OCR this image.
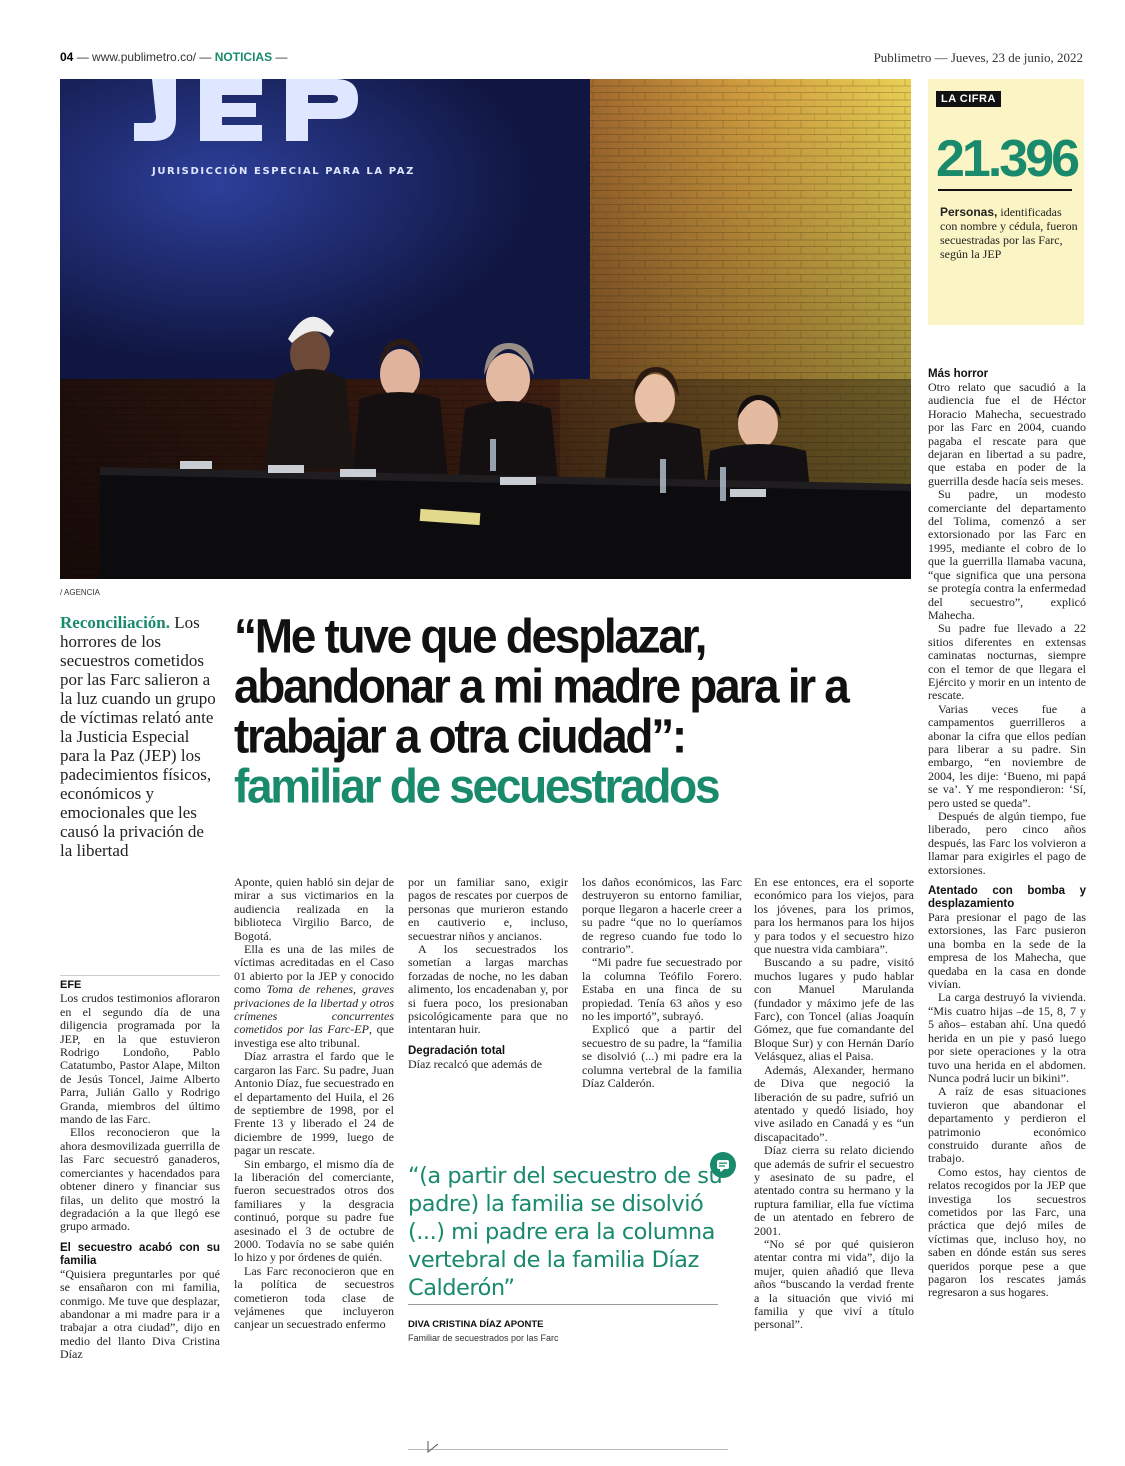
04 — www.publimetro.co/ — NOTICIAS —	Publimetro — Jueves, 23 de junio, 2022
JURISDICCIÓN ESPECIAL PARA LA PAZ
/ AGENCIA
LA CIFRA
21.396
Personas, identificadas con nombre y cédula, fueron secuestradas por las Farc, según la JEP
Reconciliación. Los horrores de los secuestros cometidos por las Farc salieron a la luz cuando un grupo de víctimas relató ante la Justicia Especial para la Paz (JEP) los padecimientos físicos, económicos y emocionales que les causó la privación de la libertad
“Me tuve que desplazar, abandonar a mi madre para ir a trabajar a otra ciudad”:
familiar de secuestrados
EFE

Los crudos testimonios afloraron en el segundo día de una diligencia programada por la JEP, en la que estuvieron Rodrigo Londoño, Pablo Catatumbo, Pastor Alape, Milton de Jesús Toncel, Jaime Alberto Parra, Julián Gallo y Rodrigo Granda, miembros del último mando de las Farc.

Ellos reconocieron que la ahora desmovilizada guerrilla de las Farc secuestró ganaderos, comerciantes y hacendados para obtener dinero y financiar sus filas, un delito que mostró la degradación a la que llegó ese grupo armado.

El secuestro acabó con su familia

“Quisiera preguntarles por qué se ensañaron con mi familia, conmigo. Me tuve que desplazar, abandonar a mi madre para ir a trabajar a otra ciudad”, dijo en medio del llanto Diva Cristina Díaz

Aponte, quien habló sin dejar de mirar a sus victimarios en la audiencia realizada en la biblioteca Virgilio Barco, de Bogotá.

Ella es una de las miles de víctimas acreditadas en el Caso 01 abierto por la JEP y conocido como Toma de rehenes, graves privaciones de la libertad y otros crímenes concurrentes cometidos por las Farc-EP, que investiga ese alto tribunal.

Díaz arrastra el fardo que le cargaron las Farc. Su padre, Juan Antonio Díaz, fue secuestrado en el departamento del Huila, el 26 de septiembre de 1998, por el Frente 13 y liberado el 24 de diciembre de 1999, luego de pagar un rescate.

Sin embargo, el mismo día de la liberación del comerciante, fueron secuestrados otros dos familiares y la desgracia continuó, porque su padre fue asesinado el 3 de octubre de 2000. Todavía no se sabe quién lo hizo y por órdenes de quién.

Las Farc reconocieron que en la política de secuestros cometieron toda clase de vejámenes que incluyeron canjear un secuestrado enfermo

por un familiar sano, exigir pagos de rescates por cuerpos de personas que murieron estando en cautiverio e, incluso, secuestrar niños y ancianos.

A los secuestrados los sometían a largas marchas forzadas de noche, no les daban alimento, los encadenaban y, por si fuera poco, los presionaban psicológicamente para que no intentaran huir.

Degradación total

Díaz recalcó que además de

los daños económicos, las Farc destruyeron su entorno familiar, porque llegaron a hacerle creer a su padre “que no lo queríamos de regreso cuando fue todo lo contrario”.

“Mi padre fue secuestrado por la columna Teófilo Forero. Estaba en una finca de su propiedad. Tenía 63 años y eso no les importó”, subrayó.

Explicó que a partir del secuestro de su padre, la “familia se disolvió (...) mi padre era la columna vertebral de la familia Díaz Calderón.

“(a partir del secuestro de su padre) la familia se disolvió (...) mi padre era la columna vertebral de la familia Díaz Calderón”
DIVA CRISTINA DÍAZ APONTE
Familiar de secuestrados por las Farc

En ese entonces, era el soporte económico para los viejos, para los jóvenes, para los primos, para los hermanos para los hijos y para todos y el secuestro hizo que nuestra vida cambiara”.

Buscando a su padre, visitó muchos lugares y pudo hablar con Manuel Marulanda (fundador y máximo jefe de las Farc), con Toncel (alias Joaquín Gómez, que fue comandante del Bloque Sur) y con Hernán Darío Velásquez, alias el Paisa.

Además, Alexander, hermano de Diva que negoció la liberación de su padre, sufrió un atentado y quedó lisiado, hoy vive asilado en Canadá y es “un discapacitado”.

Díaz cierra su relato diciendo que además de sufrir el secuestro y asesinato de su padre, el atentado contra su hermano y la ruptura familiar, ella fue víctima de un atentado en febrero de 2001.

“No sé por qué quisieron atentar contra mi vida”, dijo la mujer, quien añadió que lleva años “buscando la verdad frente a la situación que vivió mi familia y que viví a título personal”.

Más horror

Otro relato que sacudió a la audiencia fue el de Héctor Horacio Mahecha, secuestrado por las Farc en 2004, cuando pagaba el rescate para que dejaran en libertad a su padre, que estaba en poder de la guerrilla desde hacía seis meses.

Su padre, un modesto comerciante del departamento del Tolima, comenzó a ser extorsionado por las Farc en 1995, mediante el cobro de lo que la guerrilla llamaba vacuna, “que significa que una persona se protegía contra la enfermedad del secuestro”, explicó Mahecha.

Su padre fue llevado a 22 sitios diferentes en extensas caminatas nocturnas, siempre con el temor de que llegara el Ejército y morir en un intento de rescate.

Varias veces fue a campamentos guerrilleros a abonar la cifra que ellos pedían para liberar a su padre. Sin embargo, “en noviembre de 2004, les dije: ‘Bueno, mi papá se va’. Y me respondieron: ‘Sí, pero usted se queda”.

Después de algún tiempo, fue liberado, pero cinco años después, las Farc los volvieron a llamar para exigirles el pago de extorsiones.

Atentado con bomba y desplazamiento

Para presionar el pago de las extorsiones, las Farc pusieron una bomba en la sede de la empresa de los Mahecha, que quedaba en la casa en donde vivían.

La carga destruyó la vivienda. “Mis cuatro hijas –de 15, 8, 7 y 5 años– estaban ahí. Una quedó herida en un pie y pasó luego por siete operaciones y la otra tuvo una herida en el abdomen. Nunca podrá lucir un bikini”.

A raíz de esas situaciones tuvieron que abandonar el departamento y perdieron el patrimonio económico construido durante años de trabajo.

Como estos, hay cientos de relatos recogidos por la JEP que investiga los secuestros cometidos por las Farc, una práctica que dejó miles de víctimas que, incluso hoy, no saben en dónde están sus seres queridos porque pese a que pagaron los rescates jamás regresaron a sus hogares.
